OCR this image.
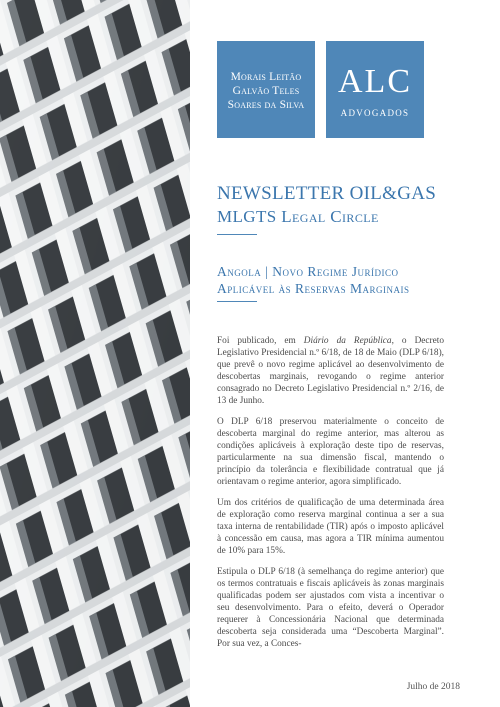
Morais Leitão
Galvão Teles
Soares da Silva
ALC
ADVOGADOS
NEWSLETTER OIL&GAS
MLGTS Legal Circle
Angola | Novo Regime Jurídico
Aplicável às Reservas Marginais

Foi publicado, em Diário da República, o Decreto Legislativo Presidencial n.º 6/18, de 18 de Maio (DLP 6/18), que prevê o novo regime aplicável ao desenvolvimento de descobertas marginais, revogando o regime anterior consagrado no Decreto Legislativo Presidencial n.º 2/16, de 13 de Junho.

O DLP 6/18 preservou materialmente o conceito de descoberta marginal do regime anterior, mas alterou as condições aplicáveis à exploração deste tipo de reservas, particularmente na sua dimensão fiscal, mantendo o princípio da tolerância e flexibilidade contratual que já orientavam o regime anterior, agora simplificado.

Um dos critérios de qualificação de uma determinada área de exploração como reserva marginal continua a ser a sua taxa interna de rentabilidade (TIR) após o imposto aplicável à concessão em causa, mas agora a TIR mínima aumentou de 10% para 15%.

Estipula o DLP 6/18 (à semelhança do regime anterior) que os termos contratuais e fiscais aplicáveis às zonas marginais qualificadas podem ser ajustados com vista a incentivar o seu desenvolvimento. Para o efeito, deverá o Operador requerer à Concessionária Nacional que determinada descoberta seja considerada uma “Descoberta Marginal”. Por sua vez, a Conces-

Julho de 2018
